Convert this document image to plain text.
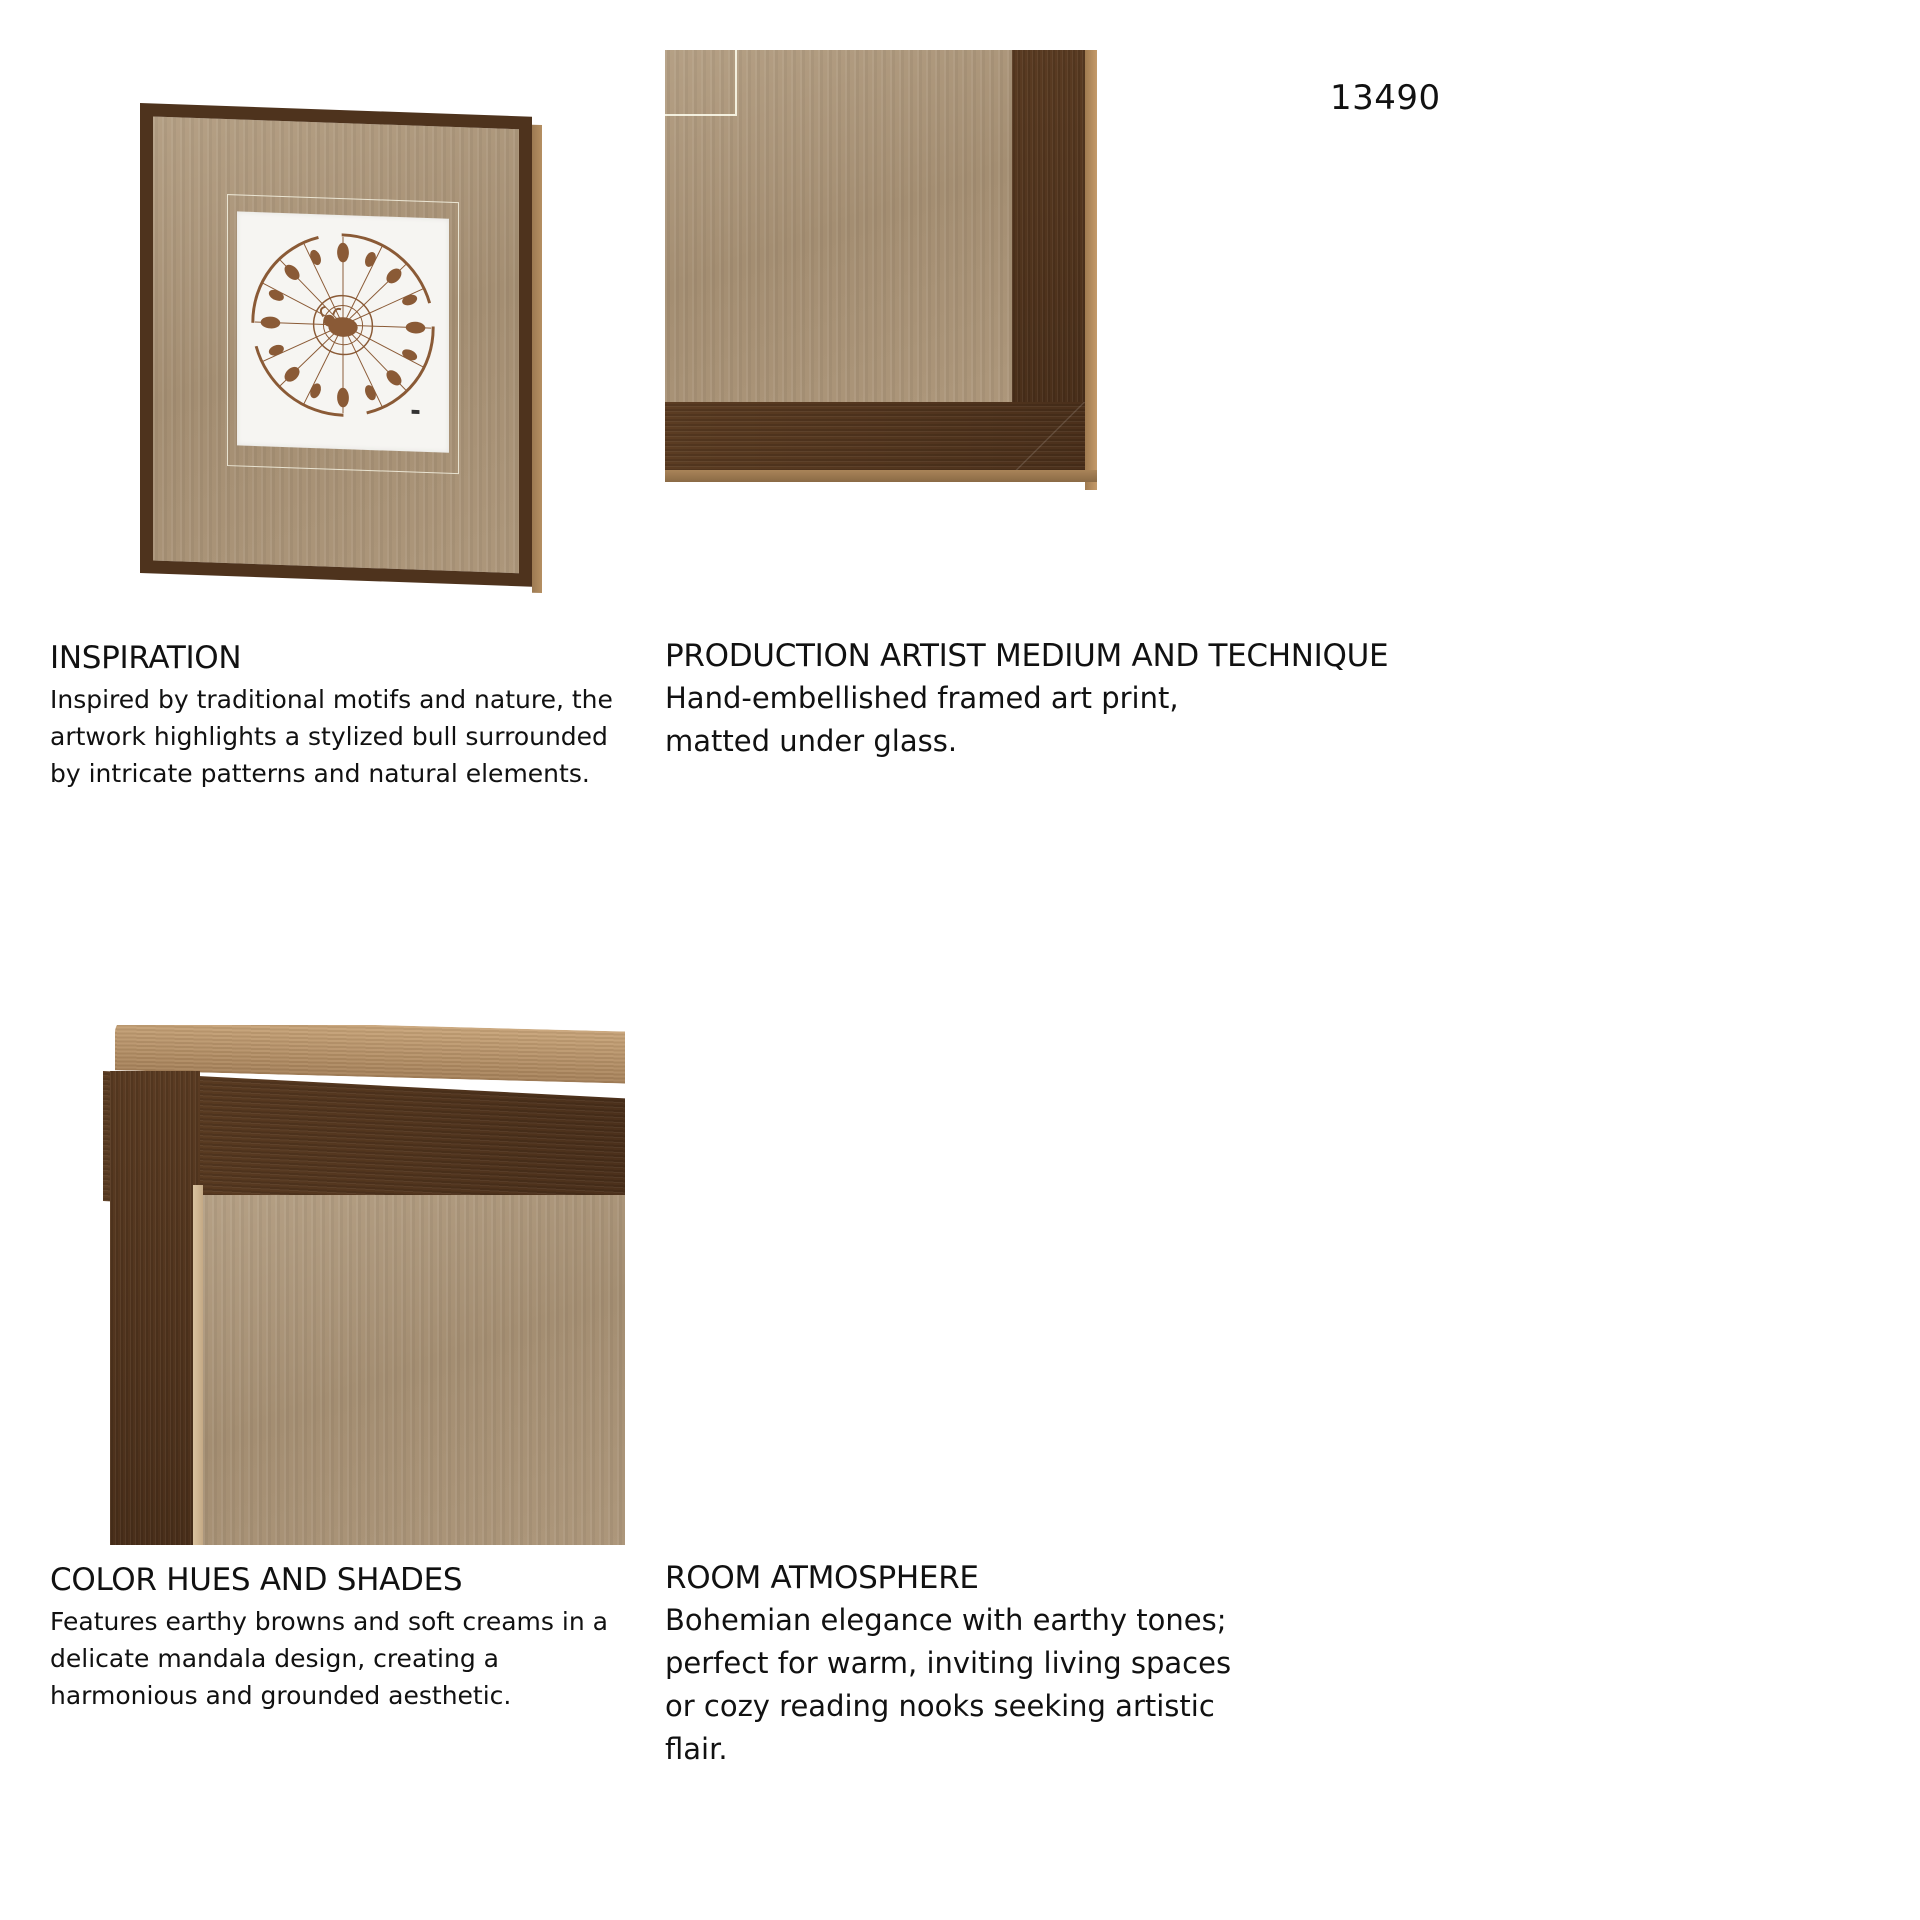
13490
INSPIRATION

Inspired by traditional motifs and nature, the
artwork highlights a stylized bull surrounded
by intricate patterns and natural elements.

PRODUCTION ARTIST MEDIUM AND TECHNIQUE

Hand-embellished framed art print,
matted under glass.

COLOR HUES AND SHADES

Features earthy browns and soft creams in a
delicate mandala design, creating a
harmonious and grounded aesthetic.

ROOM ATMOSPHERE

Bohemian elegance with earthy tones;
perfect for warm, inviting living spaces
or cozy reading nooks seeking artistic
flair.
